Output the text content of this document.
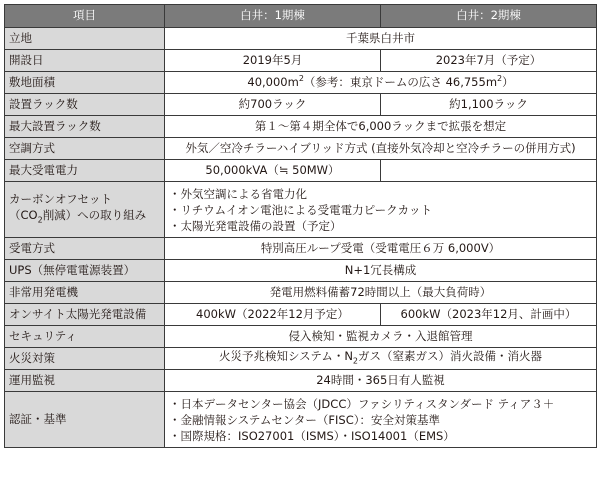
項目	白井：1期棟	白井：2期棟
立地	千葉県白井市	
開設日	2019年5月	2023年7月（予定）
敷地面積	$40,000m^2$（参考：東京ドームの広さ $46,755m^2$）	
設置ラック数	約700ラック	約1,100ラック
最大設置ラック数	第１～第４期全体で6,000ラックまで拡張を想定	
空調方式	外気／空冷チラーハイブリッド方式 (直接外気冷却と空冷チラーの併用方式)	
最大受電電力	50,000kVA（≒ 50MW）	

カーボンオフセット
（$CO_2$削減）への取り組み	・外気空調による省電力化
・リチウムイオン電池による受電電力ピークカット
・太陽光発電設備の設置（予定）	

受電方式	特別高圧ループ受電（受電電圧６万 6,000V）	
UPS（無停電電源装置）	N+1冗長構成	
非常用発電機	発電用燃料備蓄72時間以上（最大負荷時）	
オンサイト太陽光発電設備	400kW（2022年12月予定）	600kW（2023年12月、計画中）
セキュリティ	侵入検知・監視カメラ・入退館管理	
火災対策	火災予兆検知システム・$N_2$ガス（窒素ガス）消火設備・消火器	
運用監視	24時間・365日有人監視	
認証・基準	・日本データセンター協会（JDCC）ファシリティスタンダード ティア３＋
・金融情報システムセンター（FISC）：安全対策基準
・国際規格：ISO27001（ISMS）・ISO14001（EMS）	
